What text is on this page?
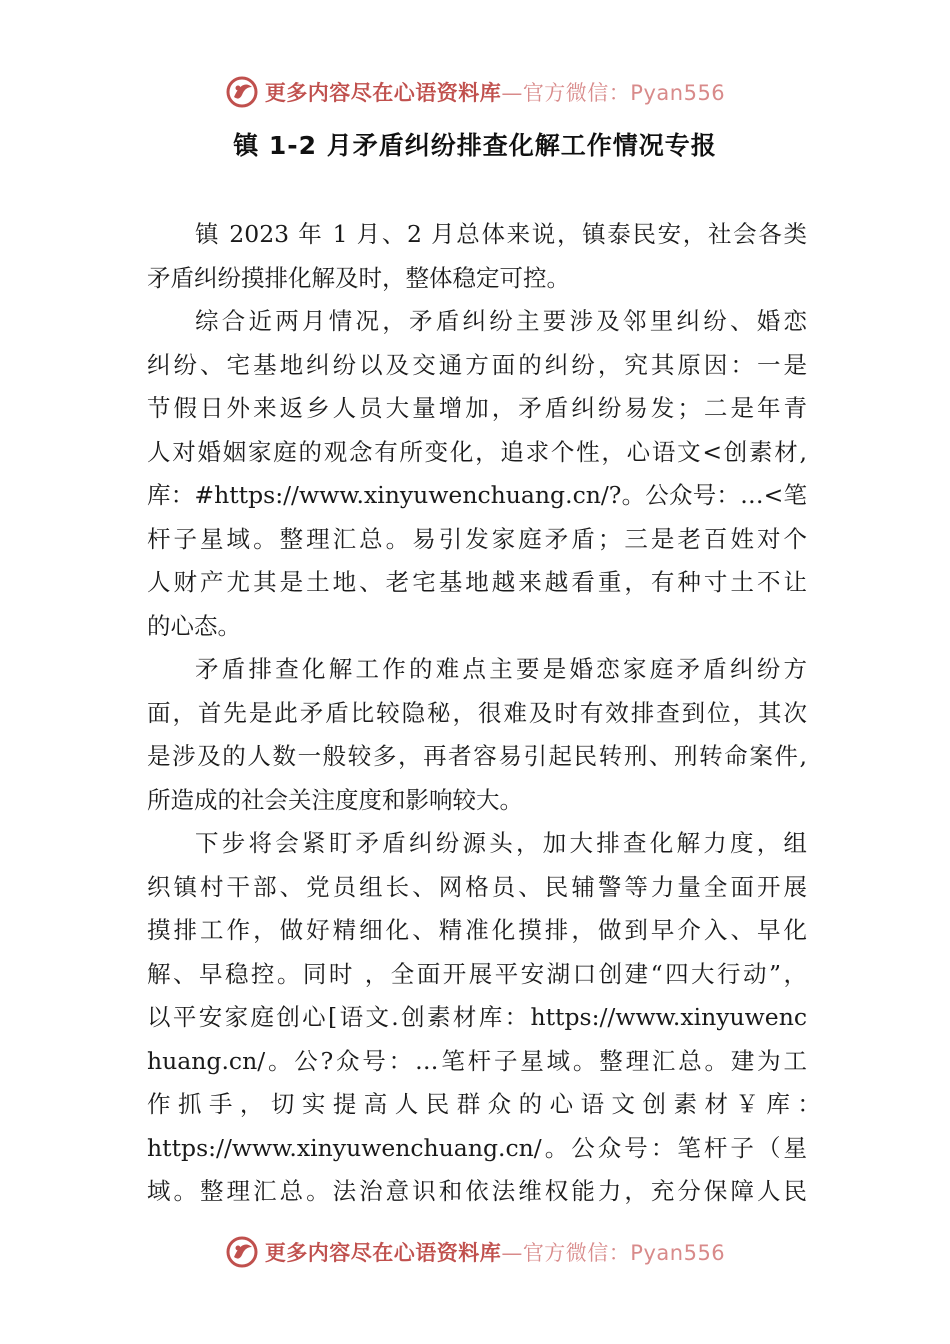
更多内容尽在心语资料库—官方微信：Pyan556
镇 1-2 月矛盾纠纷排查化解工作情况专报
镇 2023 年 1 月、2 月总体来说，镇泰民安，社会各类
矛盾纠纷摸排化解及时，整体稳定可控。
综合近两月情况，矛盾纠纷主要涉及邻里纠纷、婚恋
纠纷、宅基地纠纷以及交通方面的纠纷，究其原因：一是
节假日外来返乡人员大量增加，矛盾纠纷易发；二是年青
人对婚姻家庭的观念有所变化，追求个性，心语文<创素材,
库：#https://www.xinyuwenchuang.cn/?。公众号：…<笔
杆子星域。整理汇总。易引发家庭矛盾；三是老百姓对个
人财产尤其是土地、老宅基地越来越看重，有种寸土不让
的心态。
矛盾排查化解工作的难点主要是婚恋家庭矛盾纠纷方
面，首先是此矛盾比较隐秘，很难及时有效排查到位，其次
是涉及的人数一般较多，再者容易引起民转刑、刑转命案件,
所造成的社会关注度度和影响较大。
下步将会紧盯矛盾纠纷源头，加大排查化解力度，组
织镇村干部、党员组长、网格员、民辅警等力量全面开展
摸排工作，做好精细化、精准化摸排，做到早介入、早化
解、早稳控。同时 ，全面开展平安湖口创建“四大行动”，
以平安家庭创心[语文.创素材库：https://www.xinyuwenc
huang.cn/。公?众号：…笔杆子星域。整理汇总。建为工
作 抓 手 ， 切 实 提 高 人 民 群 众 的 心 语 文 创 素 材 ￥ 库 ：
https://www.xinyuwenchuang.cn/。公众号：笔杆子（星
域。整理汇总。法治意识和依法维权能力，充分保障人民
更多内容尽在心语资料库—官方微信：Pyan556
